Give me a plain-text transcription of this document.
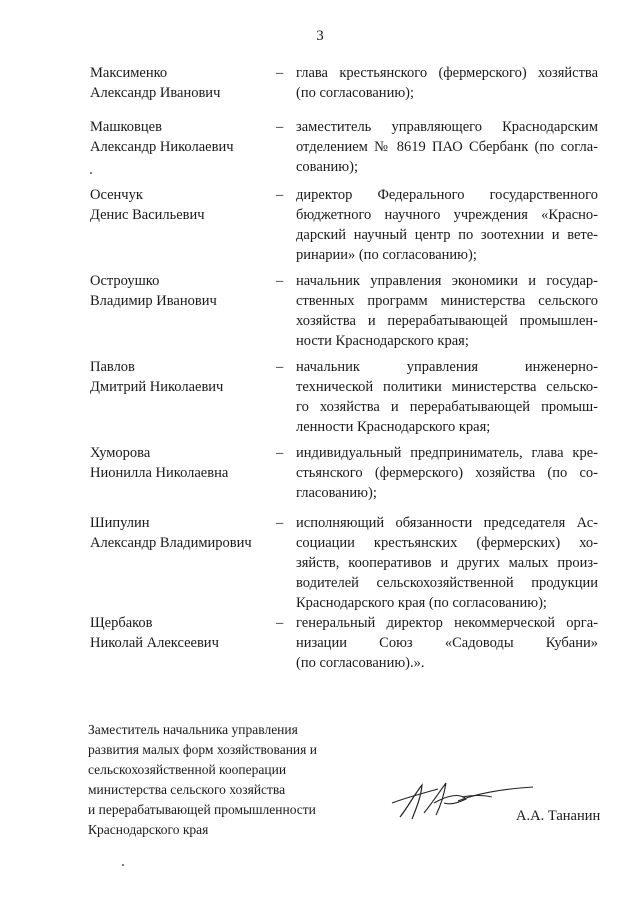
3
Максименко
Александр Иванович
– глава крестьянского (фермерского) хозяйства
(по согласованию);
Машковцев
Александр Николаевич
– заместитель управляющего Краснодарским
отделением № 8619 ПАО Сбербанк (по согла-
сованию);
Осенчук
Денис Васильевич
– директор Федерального государственного
бюджетного научного учреждения «Красно-
дарский научный центр по зоотехнии и вете-
ринарии» (по согласованию);
Остроушко
Владимир Иванович
– начальник управления экономики и государ-
ственных программ министерства сельского
хозяйства и перерабатывающей промышлен-
ности Краснодарского края;
Павлов
Дмитрий Николаевич
– начальник управления инженерно-
технической политики министерства сельско-
го хозяйства и перерабатывающей промыш-
ленности Краснодарского края;
Хуморова
Нионилла Николаевна
– индивидуальный предприниматель, глава кре-
стьянского (фермерского) хозяйства (по со-
гласованию);
Шипулин
Александр Владимирович
– исполняющий обязанности председателя Ас-
социации крестьянских (фермерских) хо-
зяйств, кооперативов и других малых произ-
водителей сельскохозяйственной продукции
Краснодарского края (по согласованию);
Щербаков
Николай Алексеевич
– генеральный директор некоммерческой орга-
низации Союз «Садоводы Кубани»
(по согласованию).».
Заместитель начальника управления
развития малых форм хозяйствования и
сельскохозяйственной кооперации
министерства сельского хозяйства
и перерабатывающей промышленности
Краснодарского края
А.А. Тананин
